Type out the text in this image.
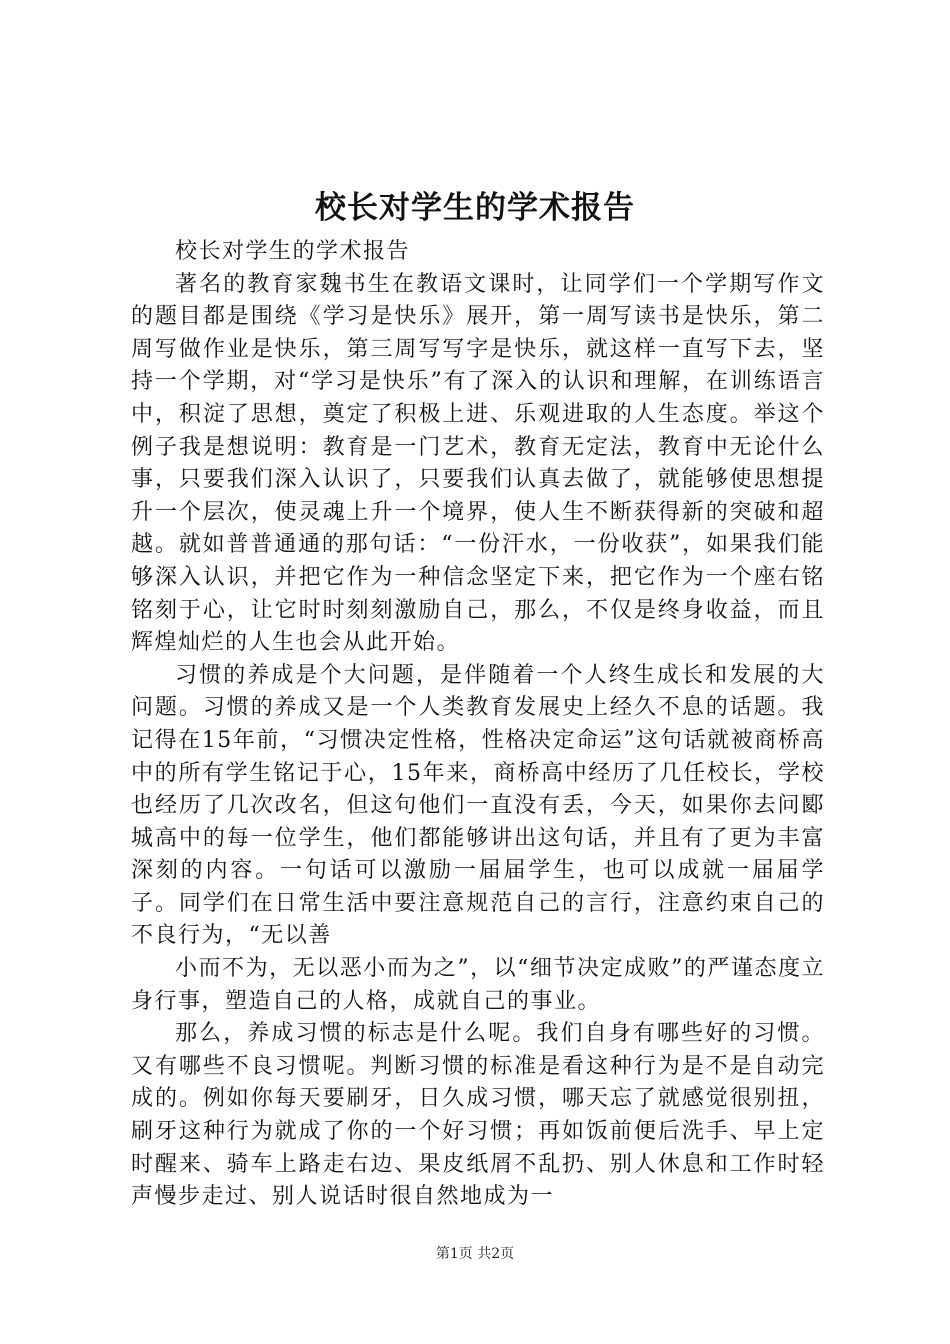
校长对学生的学术报告

校长对学生的学术报告

著名的教育家魏书生在教语文课时，让同学们一个学期写作文的题目都是围绕《学习是快乐》展开，第一周写读书是快乐，第二周写做作业是快乐，第三周写写字是快乐，就这样一直写下去，坚持一个学期，对“学习是快乐”有了深入的认识和理解，在训练语言中，积淀了思想，奠定了积极上进、乐观进取的人生态度。举这个例子我是想说明：教育是一门艺术，教育无定法，教育中无论什么事，只要我们深入认识了，只要我们认真去做了，就能够使思想提升一个层次，使灵魂上升一个境界，使人生不断获得新的突破和超越。就如普普通通的那句话：“一份汗水，一份收获”，如果我们能够深入认识，并把它作为一种信念坚定下来，把它作为一个座右铭铭刻于心，让它时时刻刻激励自己，那么，不仅是终身收益，而且辉煌灿烂的人生也会从此开始。

习惯的养成是个大问题，是伴随着一个人终生成长和发展的大问题。习惯的养成又是一个人类教育发展史上经久不息的话题。我记得在15年前，“习惯决定性格，性格决定命运”这句话就被商桥高中的所有学生铭记于心，15年来，商桥高中经历了几任校长，学校也经历了几次改名，但这句他们一直没有丢，今天，如果你去问郾城高中的每一位学生，他们都能够讲出这句话，并且有了更为丰富深刻的内容。一句话可以激励一届届学生，也可以成就一届届学子。同学们在日常生活中要注意规范自己的言行，注意约束自己的不良行为，“无以善

小而不为，无以恶小而为之”，以“细节决定成败”的严谨态度立身行事，塑造自己的人格，成就自己的事业。

那么，养成习惯的标志是什么呢。我们自身有哪些好的习惯。又有哪些不良习惯呢。判断习惯的标准是看这种行为是不是自动完成的。例如你每天要刷牙，日久成习惯，哪天忘了就感觉很别扭，刷牙这种行为就成了你的一个好习惯；再如饭前便后洗手、早上定时醒来、骑车上路走右边、果皮纸屑不乱扔、别人休息和工作时轻声慢步走过、别人说话时很自然地成为一

第1页 共2页
